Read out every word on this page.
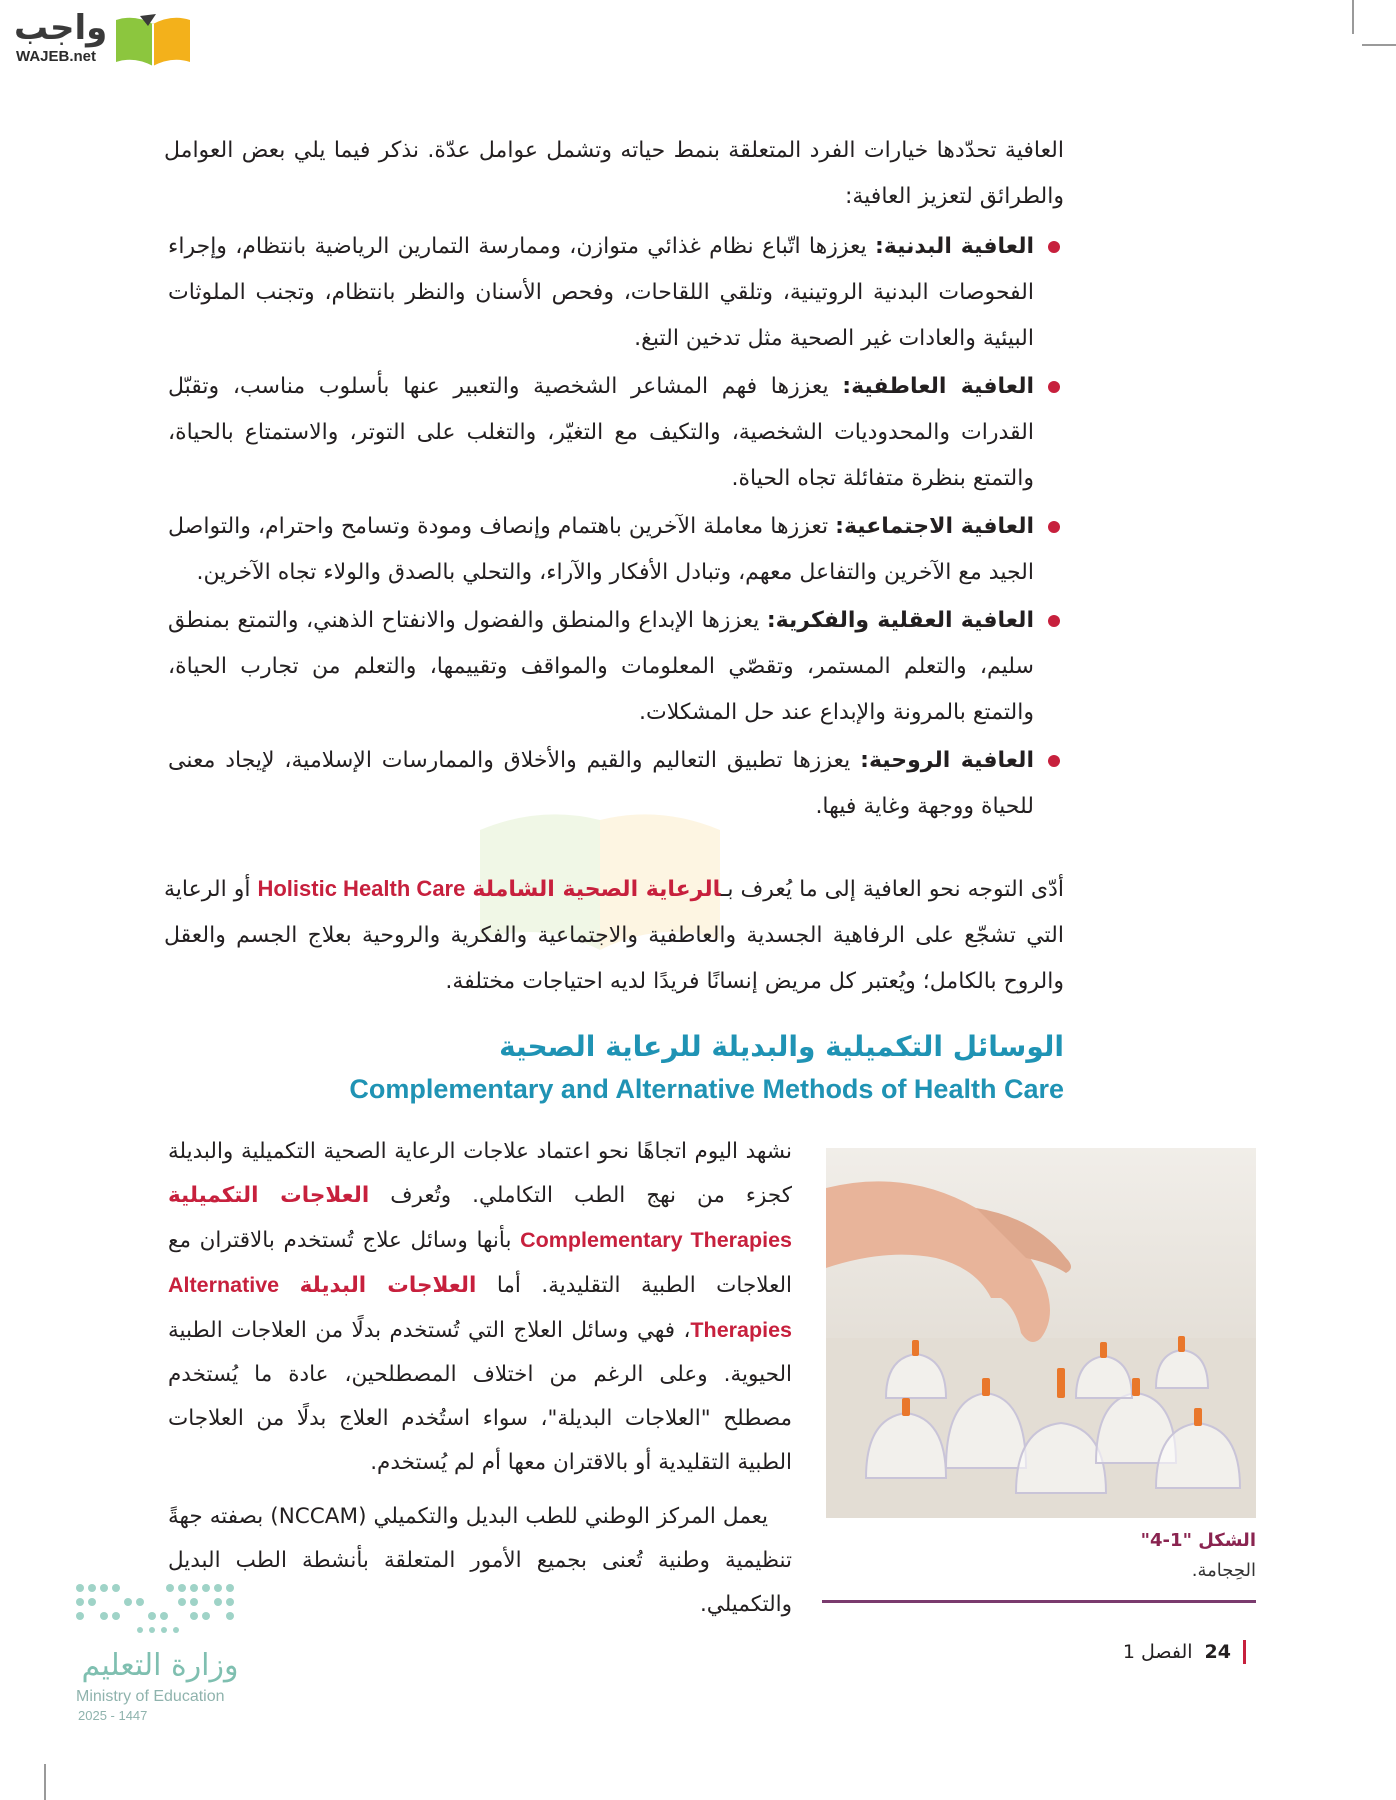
واجب
WAJEB.net
العافية تحدّدها خيارات الفرد المتعلقة بنمط حياته وتشمل عوامل عدّة. نذكر فيما يلي بعض العوامل والطرائق لتعزيز العافية:
العافية البدنية: يعززها اتّباع نظام غذائي متوازن، وممارسة التمارين الرياضية بانتظام، وإجراء الفحوصات البدنية الروتينية، وتلقي اللقاحات، وفحص الأسنان والنظر بانتظام، وتجنب الملوثات البيئية والعادات غير الصحية مثل تدخين التبغ.
العافية العاطفية: يعززها فهم المشاعر الشخصية والتعبير عنها بأسلوب مناسب، وتقبّل القدرات والمحدوديات الشخصية، والتكيف مع التغيّر، والتغلب على التوتر، والاستمتاع بالحياة، والتمتع بنظرة متفائلة تجاه الحياة.
العافية الاجتماعية: تعززها معاملة الآخرين باهتمام وإنصاف ومودة وتسامح واحترام، والتواصل الجيد مع الآخرين والتفاعل معهم، وتبادل الأفكار والآراء، والتحلي بالصدق والولاء تجاه الآخرين.
العافية العقلية والفكرية: يعززها الإبداع والمنطق والفضول والانفتاح الذهني، والتمتع بمنطق سليم، والتعلم المستمر، وتقصّي المعلومات والمواقف وتقييمها، والتعلم من تجارب الحياة، والتمتع بالمرونة والإبداع عند حل المشكلات.
العافية الروحية: يعززها تطبيق التعاليم والقيم والأخلاق والممارسات الإسلامية، لإيجاد معنى للحياة ووجهة وغاية فيها.
أدّى التوجه نحو العافية إلى ما يُعرف بـالرعاية الصحية الشاملة Holistic Health Care أو الرعاية التي تشجّع على الرفاهية الجسدية والعاطفية والاجتماعية والفكرية والروحية بعلاج الجسم والعقل والروح بالكامل؛ ويُعتبر كل مريض إنسانًا فريدًا لديه احتياجات مختلفة.
الوسائل التكميلية والبديلة للرعاية الصحية
Complementary and Alternative Methods of Health Care

نشهد اليوم اتجاهًا نحو اعتماد علاجات الرعاية الصحية التكميلية والبديلة كجزء من نهج الطب التكاملي. وتُعرف العلاجات التكميلية Complementary Therapies بأنها وسائل علاج تُستخدم بالاقتران مع العلاجات الطبية التقليدية. أما العلاجات البديلة Alternative Therapies، فهي وسائل العلاج التي تُستخدم بدلًا من العلاجات الطبية الحيوية. وعلى الرغم من اختلاف المصطلحين، عادة ما يُستخدم مصطلح "العلاجات البديلة"، سواء استُخدم العلاج بدلًا من العلاجات الطبية التقليدية أو بالاقتران معها أم لم يُستخدم.

يعمل المركز الوطني للطب البديل والتكميلي (NCCAM) بصفته جهةً تنظيمية وطنية تُعنى بجميع الأمور المتعلقة بأنشطة الطب البديل والتكميلي.

الشكل "1-4"
الحِجامة.
24
الفصل 1
وزارة التعليم
Ministry of Education
2025 - 1447
